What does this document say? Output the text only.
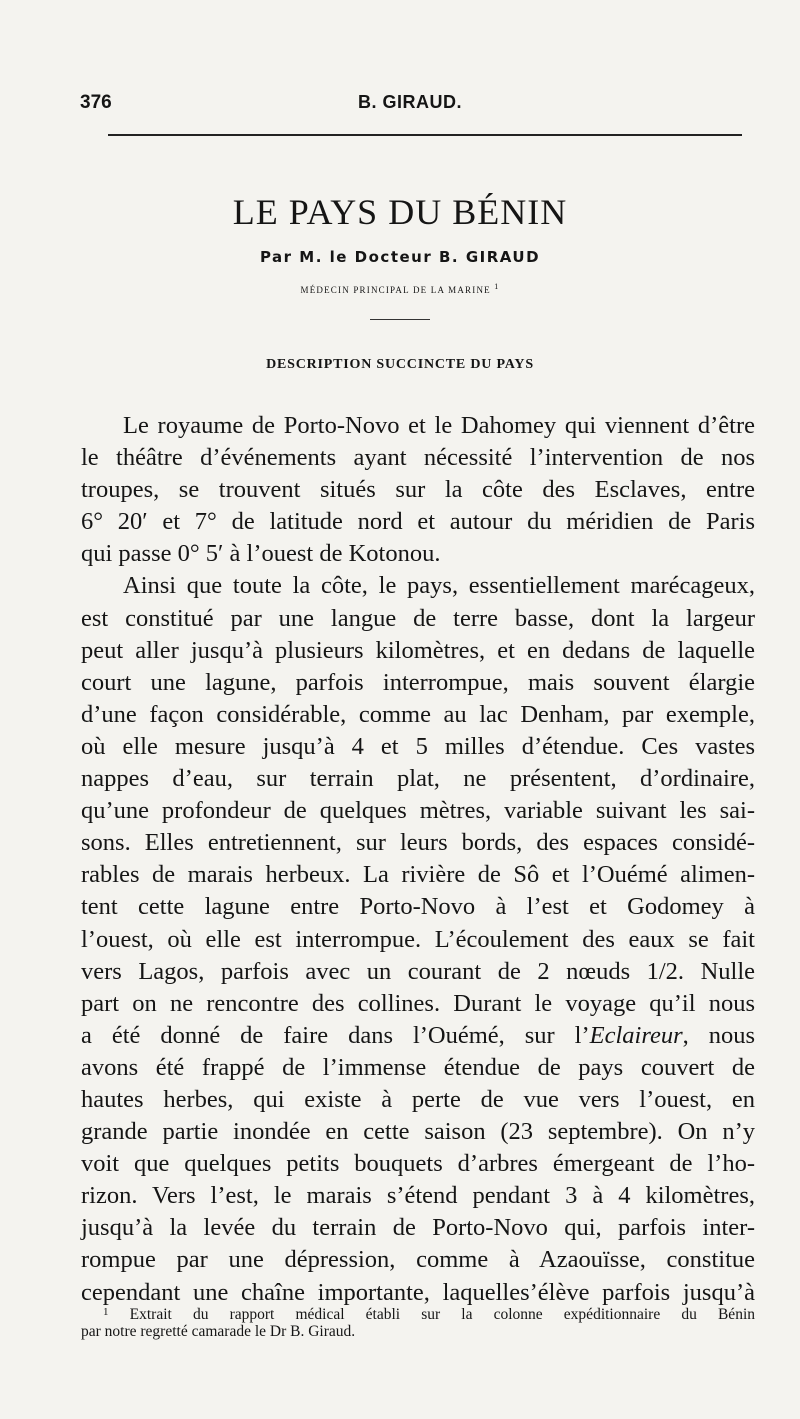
376	B. GIRAUD.
LE PAYS DU BÉNIN
Par M. le Docteur B. GIRAUD
MÉDECIN PRINCIPAL DE LA MARINE $^1$
DESCRIPTION SUCCINCTE DU PAYS
Le royaume de Porto-Novo et le Dahomey qui viennent d’être
le théâtre d’événements ayant nécessité l’intervention de nos
troupes, se trouvent situés sur la côte des Esclaves, entre
6° 20′ et 7° de latitude nord et autour du méridien de Paris
qui passe 0° 5′ à l’ouest de Kotonou.
Ainsi que toute la côte, le pays, essentiellement marécageux,
est constitué par une langue de terre basse, dont la largeur
peut aller jusqu’à plusieurs kilomètres, et en dedans de laquelle
court une lagune, parfois interrompue, mais souvent élargie
d’une façon considérable, comme au lac Denham, par exemple,
où elle mesure jusqu’à 4 et 5 milles d’étendue. Ces vastes
nappes d’eau, sur terrain plat, ne présentent, d’ordinaire,
qu’une profondeur de quelques mètres, variable suivant les sai-
sons. Elles entretiennent, sur leurs bords, des espaces considé-
rables de marais herbeux. La rivière de Sô et l’Ouémé alimen-
tent cette lagune entre Porto-Novo à l’est et Godomey à
l’ouest, où elle est interrompue. L’écoulement des eaux se fait
vers Lagos, parfois avec un courant de 2 nœuds 1/2. Nulle
part on ne rencontre des collines. Durant le voyage qu’il nous
a été donné de faire dans l’Ouémé, sur l’Eclaireur, nous
avons été frappé de l’immense étendue de pays couvert de
hautes herbes, qui existe à perte de vue vers l’ouest, en
grande partie inondée en cette saison (23 septembre). On n’y
voit que quelques petits bouquets d’arbres émergeant de l’ho-
rizon. Vers l’est, le marais s’étend pendant 3 à 4 kilomètres,
jusqu’à la levée du terrain de Porto-Novo qui, parfois inter-
rompue par une dépression, comme à Azaouïsse, constitue
cependant une chaîne importante, laquelles’élève parfois jusqu’à
$^1$ Extrait du rapport médical établi sur la colonne expéditionnaire du Bénin
par notre regretté camarade le Dr B. Giraud.
